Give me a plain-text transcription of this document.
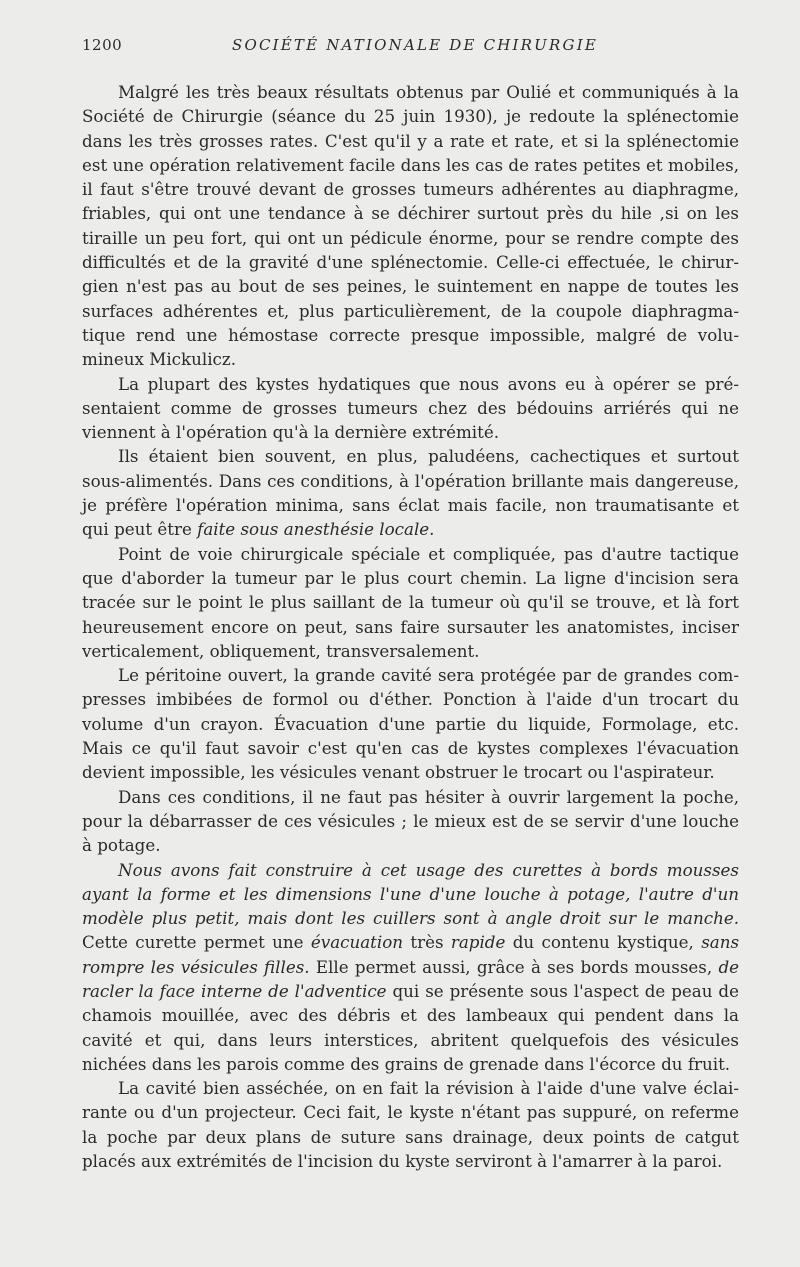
1200	SOCIÉTÉ NATIONALE DE CHIRURGIE

Malgré les très beaux résultats obtenus par Oulié et communiqués à la Société de Chirurgie (séance du 25 juin 1930), je redoute la splénectomie dans les très grosses rates. C'est qu'il y a rate et rate, et si la splénectomie est une opération relativement facile dans les cas de rates petites et mobiles, il faut s'être trouvé devant de grosses tumeurs adhérentes au diaphragme, friables, qui ont une tendance à se déchirer surtout près du hile ,si on les tiraille un peu fort, qui ont un pédicule énorme, pour se rendre compte des difficultés et de la gravité d'une splénectomie. Celle-ci effectuée, le chirurgien n'est pas au bout de ses peines, le suintement en nappe de toutes les surfaces adhérentes et, plus particulièrement, de la coupole diaphragmatique rend une hémostase correcte presque impossible, malgré de volumineux Mickulicz.

La plupart des kystes hydatiques que nous avons eu à opérer se présentaient comme de grosses tumeurs chez des bédouins arriérés qui ne viennent à l'opération qu'à la dernière extrémité.

Ils étaient bien souvent, en plus, paludéens, cachectiques et surtout sous-alimentés. Dans ces conditions, à l'opération brillante mais dangereuse, je préfère l'opération minima, sans éclat mais facile, non traumatisante et qui peut être faite sous anesthésie locale.

Point de voie chirurgicale spéciale et compliquée, pas d'autre tactique que d'aborder la tumeur par le plus court chemin. La ligne d'incision sera tracée sur le point le plus saillant de la tumeur où qu'il se trouve, et là fort heureusement encore on peut, sans faire sursauter les anatomistes, inciser verticalement, obliquement, transversalement.

Le péritoine ouvert, la grande cavité sera protégée par de grandes compresses imbibées de formol ou d'éther. Ponction à l'aide d'un trocart du volume d'un crayon. Évacuation d'une partie du liquide, Formolage, etc. Mais ce qu'il faut savoir c'est qu'en cas de kystes complexes l'évacuation devient impossible, les vésicules venant obstruer le trocart ou l'aspirateur.

Dans ces conditions, il ne faut pas hésiter à ouvrir largement la poche, pour la débarrasser de ces vésicules ; le mieux est de se servir d'une louche à potage.

Nous avons fait construire à cet usage des curettes à bords mousses ayant la forme et les dimensions l'une d'une louche à potage, l'autre d'un modèle plus petit, mais dont les cuillers sont à angle droit sur le manche. Cette curette permet une évacuation très rapide du contenu kystique, sans rompre les vésicules filles. Elle permet aussi, grâce à ses bords mousses, de racler la face interne de l'adventice qui se présente sous l'aspect de peau de chamois mouillée, avec des débris et des lambeaux qui pendent dans la cavité et qui, dans leurs interstices, abritent quelquefois des vésicules nichées dans les parois comme des grains de grenade dans l'écorce du fruit.

La cavité bien asséchée, on en fait la révision à l'aide d'une valve éclairante ou d'un projecteur. Ceci fait, le kyste n'étant pas suppuré, on referme la poche par deux plans de suture sans drainage, deux points de catgut placés aux extrémités de l'incision du kyste serviront à l'amarrer à la paroi.
